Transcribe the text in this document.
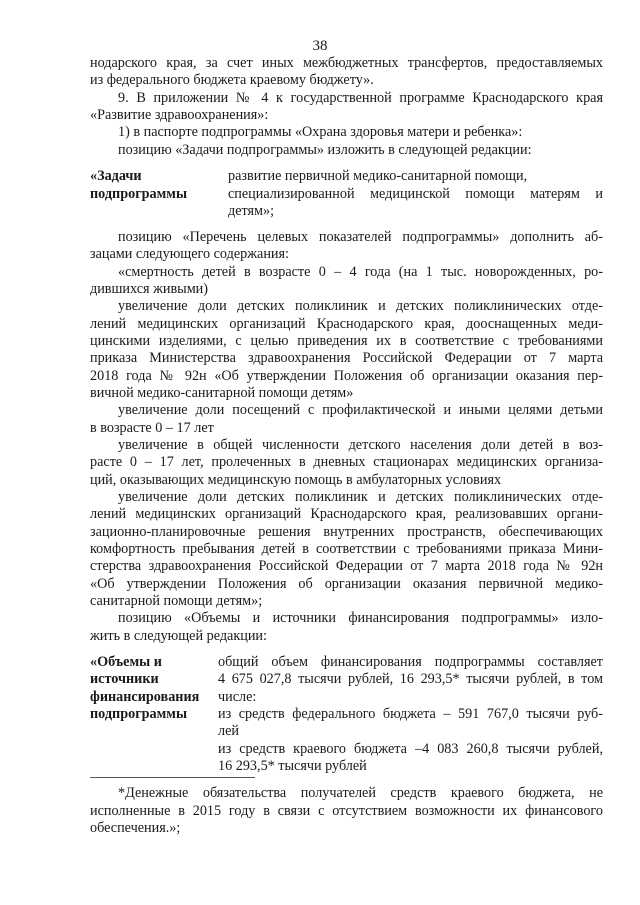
38
нодарского края, за счет иных межбюджетных трансфертов, предоставляемых
из федерального бюджета краевому бюджету».
9. В приложении № 4 к государственной программе Краснодарского края
«Развитие здравоохранения»:
1) в паспорте подпрограммы «Охрана здоровья матери и ребенка»:
позицию «Задачи подпрограммы» изложить в следующей редакции:
«Задачи
подпрограммы
развитие первичной медико-санитарной помощи,
специализированной медицинской помощи матерям и
детям»;
позицию «Перечень целевых показателей подпрограммы» дополнить аб-
зацами следующего содержания:
«смертность детей в возрасте 0 – 4 года (на 1 тыс. новорожденных, ро-
дившихся живыми)
увеличение доли детских поликлиник и детских поликлинических отде-
лений медицинских организаций Краснодарского края, дооснащенных меди-
цинскими изделиями, с целью приведения их в соответствие с требованиями
приказа Министерства здравоохранения Российской Федерации от 7 марта
2018 года № 92н «Об утверждении Положения об организации оказания пер-
вичной медико-санитарной помощи детям»
увеличение доли посещений с профилактической и иными целями детьми
в возрасте 0 – 17 лет
увеличение в общей численности детского населения доли детей в воз-
расте 0 – 17 лет, пролеченных в дневных стационарах медицинских организа-
ций, оказывающих медицинскую помощь в амбулаторных условиях
увеличение доли детских поликлиник и детских поликлинических отде-
лений медицинских организаций Краснодарского края, реализовавших органи-
зационно-планировочные решения внутренних пространств, обеспечивающих
комфортность пребывания детей в соответствии с требованиями приказа Мини-
стерства здравоохранения Российской Федерации от 7 марта 2018 года № 92н
«Об утверждении Положения об организации оказания первичной медико-
санитарной помощи детям»;
позицию «Объемы и источники финансирования подпрограммы» изло-
жить в следующей редакции:
«Объемы и
источники
финансирования
подпрограммы
общий объем финансирования подпрограммы составляет
4 675 027,8 тысячи рублей, 16 293,5* тысячи рублей, в том
числе:
из средств федерального бюджета – 591 767,0 тысячи руб-
лей
из средств краевого бюджета –4 083 260,8 тысячи рублей,
16 293,5* тысячи рублей
*Денежные обязательства получателей средств краевого бюджета, не
исполненные в 2015 году в связи с отсутствием возможности их финансового
обеспечения.»;
